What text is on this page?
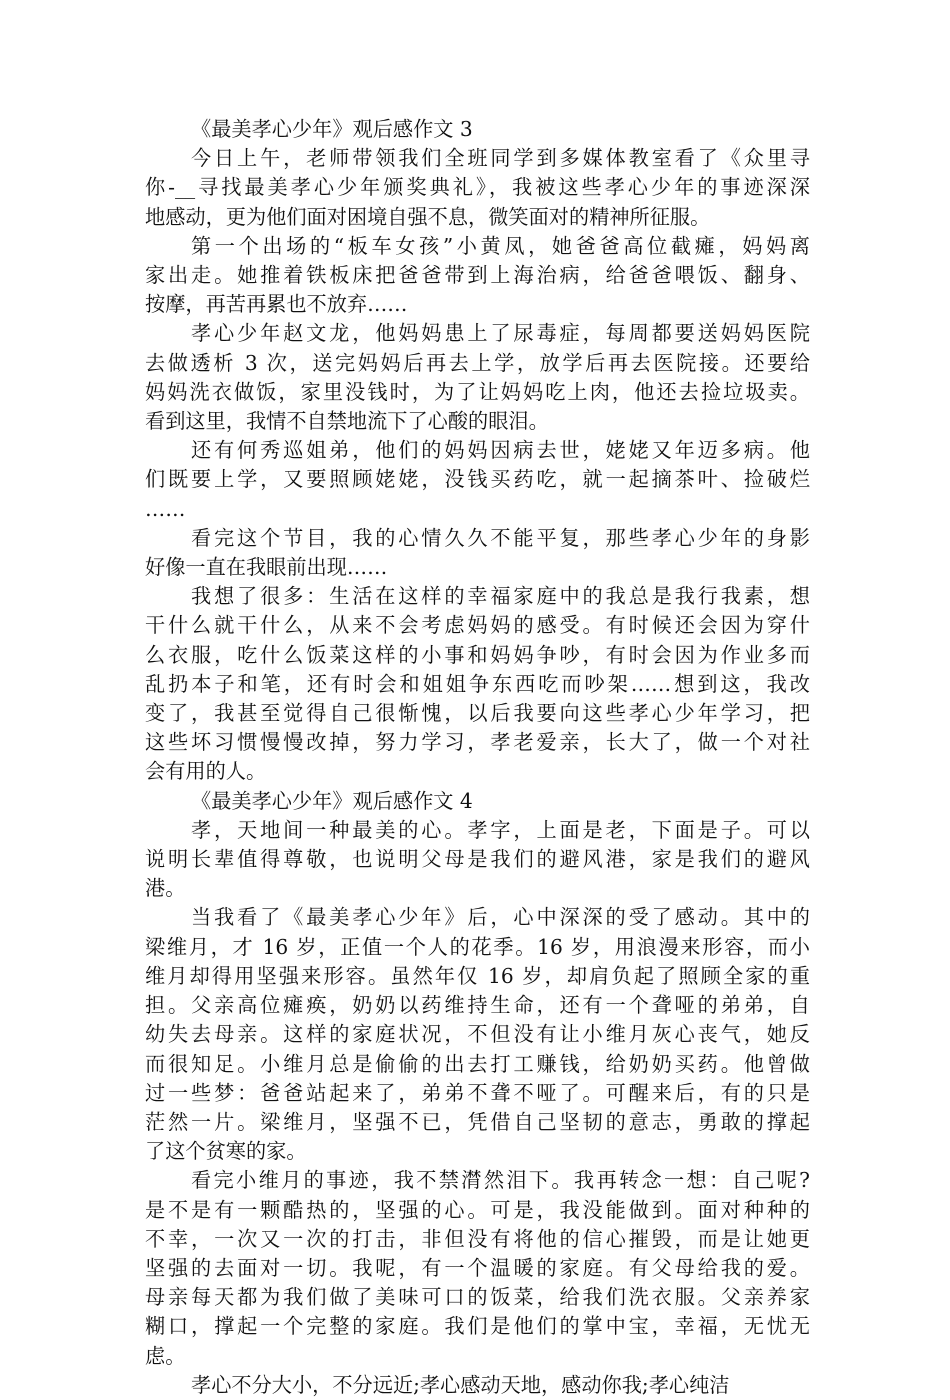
《最美孝心少年》观后感作文 3
今日上午，老师带领我们全班同学到多媒体教室看了《众里寻
你-__寻找最美孝心少年颁奖典礼》，我被这些孝心少年的事迹深深
地感动，更为他们面对困境自强不息，微笑面对的精神所征服。
第一个出场的“板车女孩”小黄凤，她爸爸高位截瘫，妈妈离
家出走。她推着铁板床把爸爸带到上海治病，给爸爸喂饭、翻身、
按摩，再苦再累也不放弃……
孝心少年赵文龙，他妈妈患上了尿毒症，每周都要送妈妈医院
去做透析 3 次，送完妈妈后再去上学，放学后再去医院接。还要给
妈妈洗衣做饭，家里没钱时，为了让妈妈吃上肉，他还去捡垃圾卖。
看到这里，我情不自禁地流下了心酸的眼泪。
还有何秀巡姐弟，他们的妈妈因病去世，姥姥又年迈多病。他
们既要上学，又要照顾姥姥，没钱买药吃，就一起摘茶叶、捡破烂
……
看完这个节目，我的心情久久不能平复，那些孝心少年的身影
好像一直在我眼前出现……
我想了很多：生活在这样的幸福家庭中的我总是我行我素，想
干什么就干什么，从来不会考虑妈妈的感受。有时候还会因为穿什
么衣服，吃什么饭菜这样的小事和妈妈争吵，有时会因为作业多而
乱扔本子和笔，还有时会和姐姐争东西吃而吵架……想到这，我改
变了，我甚至觉得自己很惭愧，以后我要向这些孝心少年学习，把
这些坏习惯慢慢改掉，努力学习，孝老爱亲，长大了，做一个对社
会有用的人。
《最美孝心少年》观后感作文 4
孝，天地间一种最美的心。孝字，上面是老，下面是子。可以
说明长辈值得尊敬，也说明父母是我们的避风港，家是我们的避风
港。
当我看了《最美孝心少年》后，心中深深的受了感动。其中的
梁维月，才 16 岁，正值一个人的花季。16 岁，用浪漫来形容，而小
维月却得用坚强来形容。虽然年仅 16 岁，却肩负起了照顾全家的重
担。父亲高位瘫痪，奶奶以药维持生命，还有一个聋哑的弟弟，自
幼失去母亲。这样的家庭状况，不但没有让小维月灰心丧气，她反
而很知足。小维月总是偷偷的出去打工赚钱，给奶奶买药。他曾做
过一些梦：爸爸站起来了，弟弟不聋不哑了。可醒来后，有的只是
茫然一片。梁维月，坚强不已，凭借自己坚韧的意志，勇敢的撑起
了这个贫寒的家。
看完小维月的事迹，我不禁潸然泪下。我再转念一想：自己呢?
是不是有一颗酷热的，坚强的心。可是，我没能做到。面对种种的
不幸，一次又一次的打击，非但没有将他的信心摧毁，而是让她更
坚强的去面对一切。我呢，有一个温暖的家庭。有父母给我的爱。
母亲每天都为我们做了美味可口的饭菜，给我们洗衣服。父亲养家
糊口，撑起一个完整的家庭。我们是他们的掌中宝，幸福，无忧无
虑。
孝心不分大小，不分远近;孝心感动天地，感动你我;孝心纯洁
